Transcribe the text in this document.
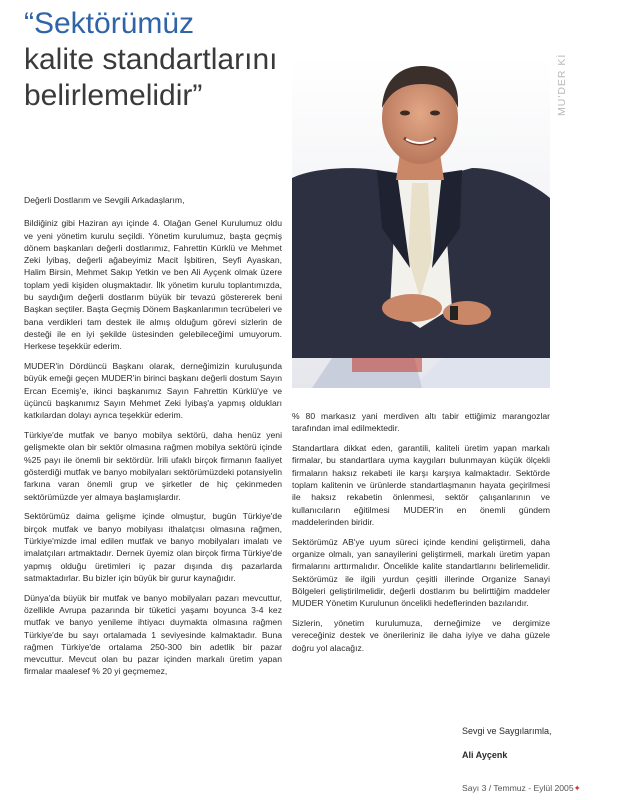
“Sektörümüz
kalite standartlarını
belirlemelidir”	MU'DER Kİ

Değerli Dostlarım ve Sevgili Arkadaşlarım,

Bildiğiniz gibi Haziran ayı içinde 4. Olağan Genel Kurulumuz oldu ve yeni yönetim kurulu seçildi. Yönetim kurulumuz, başta geçmiş dönem başkanları değerli dostlarımız, Fahrettin Kürklü ve Mehmet Zeki İyibaş, değerli ağabeyimiz Macit İşbitiren, Seyfi Ayaskan, Halim Birsin, Mehmet Sakıp Yetkin ve ben Ali Ayçenk olmak üzere toplam yedi kişiden oluşmaktadır. İlk yönetim kurulu toplantımızda, bu saydığım değerli dostlarım büyük bir tevazú göstererek beni Başkan seçtiler. Başta Geçmiş Dönem Başkanlarımın tecrübeleri ve bana verdikleri tam destek ile almış olduğum görevi sizlerin de desteği ile en iyi şekilde üstesinden gelebileceğimi umuyorum. Herkese teşekkür ederim.

MUDER'in Dördüncü Başkanı olarak, derneğimizin kuruluşunda büyük emeği geçen MUDER'in birinci başkanı değerli dostum Sayın Ercan Ecemiş'e, ikinci başkanımız Sayın Fahrettin Kürklü'ye ve üçüncü başkanımız Sayın Mehmet Zeki İyibaş'a yapmış oldukları katkılardan dolayı ayrıca teşekkür ederim.

Türkiye'de mutfak ve banyo mobilya sektörü, daha henüz yeni gelişmekte olan bir sektör olmasına rağmen mobilya sektörü içinde %25 payı ile önemli bir sektördür. İrili ufaklı birçok firmanın faaliyet gösterdiği mutfak ve banyo mobilyaları sektörümüzdeki potansiyelin farkına varan önemli grup ve şirketler de hiç çekinmeden sektörümüzde yer almaya başlamışlardır.

Sektörümüz daima gelişme içinde olmuştur, bugün Türkiye'de birçok mutfak ve banyo mobilyası ithalatçısı olmasına rağmen, Türkiye'mizde imal edilen mutfak ve banyo mobilyaları imalatı ve imalatçıları artmaktadır. Dernek üyemiz olan birçok firma Türkiye'de yapmış olduğu üretimleri iç pazar dışında dış pazarlarda satmaktadırlar. Bu bizler için büyük bir gurur kaynağıdır.

Dünya'da büyük bir mutfak ve banyo mobilyaları pazarı mevcuttur, özellikle Avrupa pazarında bir tüketici yaşamı boyunca 3-4 kez mutfak ve banyo yenileme ihtiyacı duymakta olmasına rağmen Türkiye'de bu sayı ortalamada 1 seviyesinde kalmaktadır. Buna rağmen Türkiye'de ortalama 250-300 bin adetlik bir pazar mevcuttur. Mevcut olan bu pazar içinden markalı üretim yapan firmalar maalesef % 20 yi geçmemez,

% 80 markasız yani merdiven altı tabir ettiğimiz marangozlar tarafından imal edilmektedir.

Standartlara dikkat eden, garantili, kaliteli üretim yapan markalı firmalar, bu standartlara uyma kaygıları bulunmayan küçük ölçekli firmaların haksız rekabeti ile karşı karşıya kalmaktadır. Sektörde toplam kalitenin ve ürünlerde standartlaşmanın hayata geçirilmesi ile haksız rekabetin önlenmesi, sektör çalışanlarının ve kullanıcıların eğitilmesi MUDER'in en önemli gündem maddelerinden biridir.

Sektörümüz AB'ye uyum süreci içinde kendini geliştirmeli, daha organize olmalı, yan sanayilerini geliştirmeli, markalı üretim yapan firmalarını arttırmalıdır. Öncelikle kalite standartlarını belirlemelidir. Sektörümüz ile ilgili yurdun çeşitli illerinde Organize Sanayi Bölgeleri geliştirilmelidir, değerli dostlarım bu belirttiğim maddeler MUDER Yönetim Kurulunun öncelikli hedeflerinden bazılarıdır.

Sizlerin, yönetim kurulumuza, derneğimize ve dergimize vereceğiniz destek ve önerileriniz ile daha iyiye ve daha güzele doğru yol alacağız.

Sevgi ve Saygılarımla,
Ali Ayçenk
Sayı 3 / Temmuz - Eylül 2005✦
